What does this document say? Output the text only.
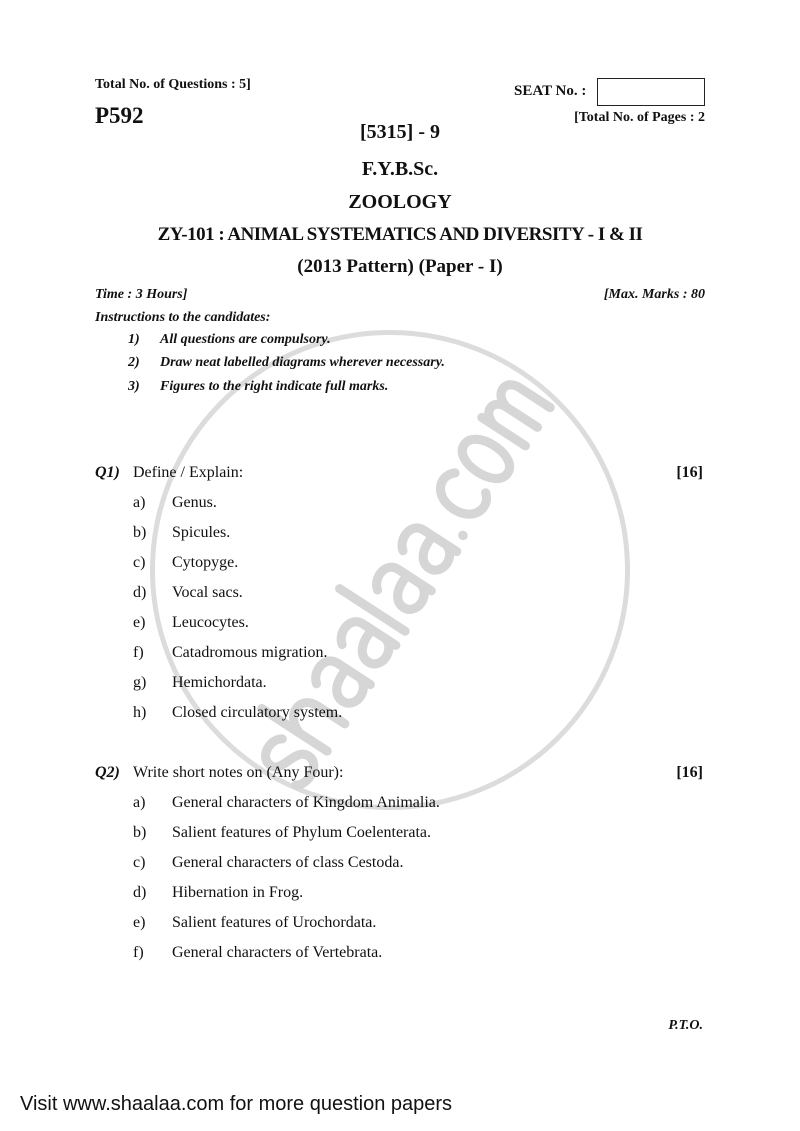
Total No. of Questions : 5]
P592
SEAT No. :
[Total No. of Pages : 2
[5315] - 9
F.Y.B.Sc.
ZOOLOGY
ZY-101 : ANIMAL SYSTEMATICS AND DIVERSITY - I & II
(2013 Pattern) (Paper - I)
Time : 3 Hours]	[Max. Marks : 80
Instructions to the candidates:
1) All questions are compulsory.
2) Draw neat labelled diagrams wherever necessary.
3) Figures to the right indicate full marks.
Q1) Define / Explain:	[16]
a) Genus.
b) Spicules.
c) Cytopyge.
d) Vocal sacs.
e) Leucocytes.
f) Catadromous migration.
g) Hemichordata.
h) Closed circulatory system.
Q2) Write short notes on (Any Four):	[16]
a) General characters of Kingdom Animalia.
b) Salient features of Phylum Coelenterata.
c) General characters of class Cestoda.
d) Hibernation in Frog.
e) Salient features of Urochordata.
f) General characters of Vertebrata.
P.T.O.
Visit www.shaalaa.com for more question papers
